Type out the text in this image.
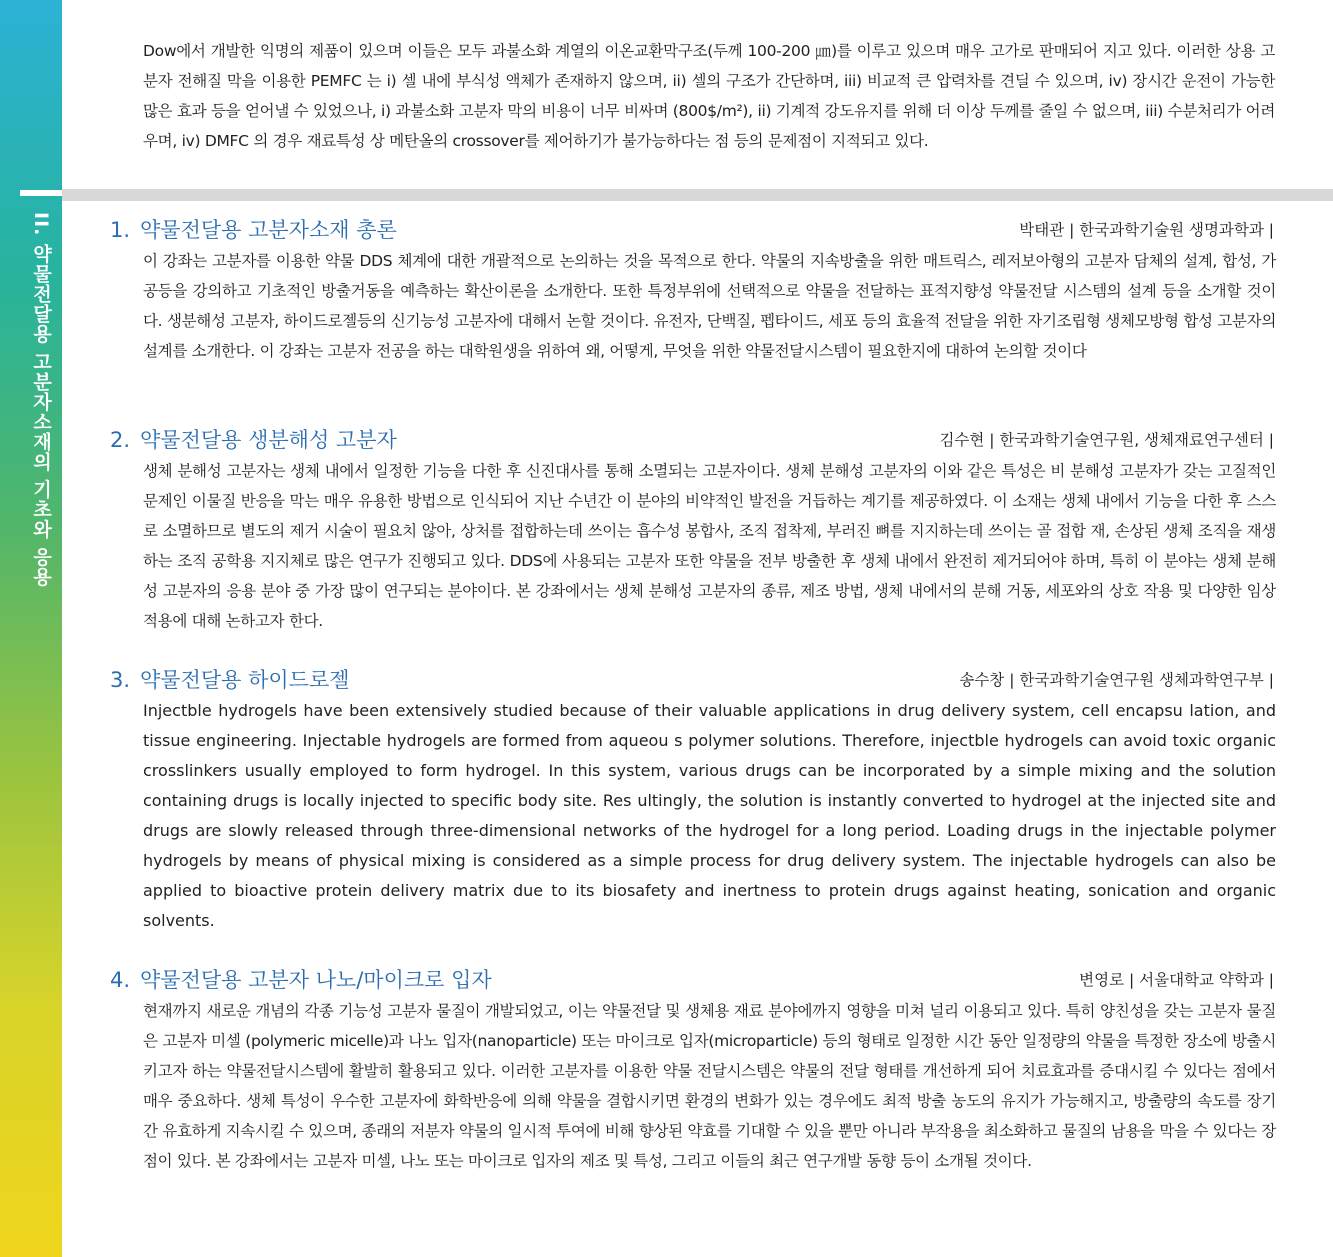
II. 약물전달용 고분자소재의 기초와 응용
Dow에서 개발한 익명의 제품이 있으며 이들은 모두 과불소화 계열의 이온교환막구조(두께 100-200 ㎛)를 이루고 있으며 매우 고가로 판매되어 지고 있다. 이러한 상용 고분자 전해질 막을 이용한 PEMFC 는 i) 셀 내에 부식성 액체가 존재하지 않으며, ii) 셀의 구조가 간단하며, iii) 비교적 큰 압력차를 견딜 수 있으며, iv) 장시간 운전이 가능한 많은 효과 등을 얻어낼 수 있었으나, i) 과불소화 고분자 막의 비용이 너무 비싸며 (800$/m²), ii) 기계적 강도유지를 위해 더 이상 두께를 줄일 수 없으며, iii) 수분처리가 어려우며, iv) DMFC 의 경우 재료특성 상 메탄올의 crossover를 제어하기가 불가능하다는 점 등의 문제점이 지적되고 있다.
1. 약물전달용 고분자소재 총론	박태관 | 한국과학기술원 생명과학과 |
이 강좌는 고분자를 이용한 약물 DDS 체계에 대한 개괄적으로 논의하는 것을 목적으로 한다. 약물의 지속방출을 위한 매트릭스, 레저보아형의 고분자 담체의 설계, 합성, 가공등을 강의하고 기초적인 방출거동을 예측하는 확산이론을 소개한다. 또한 특정부위에 선택적으로 약물을 전달하는 표적지향성 약물전달 시스템의 설계 등을 소개할 것이다. 생분해성 고분자, 하이드로젤등의 신기능성 고분자에 대해서 논할 것이다. 유전자, 단백질, 펩타이드, 세포 등의 효율적 전달을 위한 자기조립형 생체모방형 합성 고분자의 설계를 소개한다. 이 강좌는 고분자 전공을 하는 대학원생을 위하여 왜, 어떻게, 무엇을 위한 약물전달시스템이 필요한지에 대하여 논의할 것이다
2. 약물전달용 생분해성 고분자	김수현 | 한국과학기술연구원, 생체재료연구센터 |
생체 분해성 고분자는 생체 내에서 일정한 기능을 다한 후 신진대사를 통해 소멸되는 고분자이다. 생체 분해성 고분자의 이와 같은 특성은 비 분해성 고분자가 갖는 고질적인 문제인 이물질 반응을 막는 매우 유용한 방법으로 인식되어 지난 수년간 이 분야의 비약적인 발전을 거듭하는 계기를 제공하였다. 이 소재는 생체 내에서 기능을 다한 후 스스로 소멸하므로 별도의 제거 시술이 필요치 않아, 상처를 접합하는데 쓰이는 흡수성 봉합사, 조직 접착제, 부러진 뼈를 지지하는데 쓰이는 골 접합 재, 손상된 생체 조직을 재생하는 조직 공학용 지지체로 많은 연구가 진행되고 있다. DDS에 사용되는 고분자 또한 약물을 전부 방출한 후 생체 내에서 완전히 제거되어야 하며, 특히 이 분야는 생체 분해성 고분자의 응용 분야 중 가장 많이 연구되는 분야이다. 본 강좌에서는 생체 분해성 고분자의 종류, 제조 방법, 생체 내에서의 분해 거동, 세포와의 상호 작용 및 다양한 임상 적용에 대해 논하고자 한다.
3. 약물전달용 하이드로젤	송수창 | 한국과학기술연구원 생체과학연구부 |
Injectble hydrogels have been extensively studied because of their valuable applications in drug delivery system, cell encapsu lation, and tissue engineering. Injectable hydrogels are formed from aqueou s polymer solutions. Therefore, injectble hydrogels can avoid toxic organic crosslinkers usually employed to form hydrogel. In this system, various drugs can be incorporated by a simple mixing and the solution containing drugs is locally injected to specific body site. Res ultingly, the solution is instantly converted to hydrogel at the injected site and drugs are slowly released through three-dimensional networks of the hydrogel for a long period. Loading drugs in the injectable polymer hydrogels by means of physical mixing is considered as a simple process for drug delivery system. The injectable hydrogels can also be applied to bioactive protein delivery matrix due to its biosafety and inertness to protein drugs against heating, sonication and organic solvents.
4. 약물전달용 고분자 나노/마이크로 입자	변영로 | 서울대학교 약학과 |
현재까지 새로운 개념의 각종 기능성 고분자 물질이 개발되었고, 이는 약물전달 및 생체용 재료 분야에까지 영향을 미쳐 널리 이용되고 있다. 특히 양친성을 갖는 고분자 물질은 고분자 미셀 (polymeric micelle)과 나노 입자(nanoparticle) 또는 마이크로 입자(microparticle) 등의 형태로 일정한 시간 동안 일정량의 약물을 특정한 장소에 방출시키고자 하는 약물전달시스템에 활발히 활용되고 있다. 이러한 고분자를 이용한 약물 전달시스템은 약물의 전달 형태를 개선하게 되어 치료효과를 증대시킬 수 있다는 점에서 매우 중요하다. 생체 특성이 우수한 고분자에 화학반응에 의해 약물을 결합시키면 환경의 변화가 있는 경우에도 최적 방출 농도의 유지가 가능해지고, 방출량의 속도를 장기간 유효하게 지속시킬 수 있으며, 종래의 저분자 약물의 일시적 투여에 비해 향상된 약효를 기대할 수 있을 뿐만 아니라 부작용을 최소화하고 물질의 남용을 막을 수 있다는 장점이 있다. 본 강좌에서는 고분자 미셀, 나노 또는 마이크로 입자의 제조 및 특성, 그리고 이들의 최근 연구개발 동향 등이 소개될 것이다.
